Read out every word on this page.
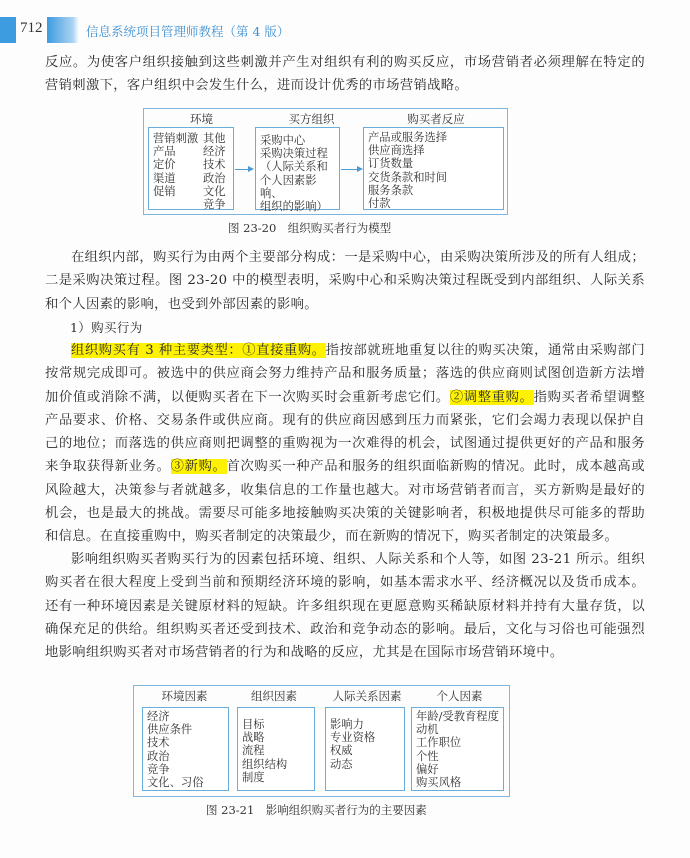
712	信息系统项目管理师教程（第 4 版）

反应。为使客户组织接触到这些刺激并产生对组织有利的购买反应，市场营销者必须理解在特定的营销刺激下，客户组织中会发生什么，进而设计优秀的市场营销战略。

环境	买方组织	购买者反应
营销刺激
产品
定价
渠道
促销
其他
经济
技术
政治
文化
竞争
采购中心
采购决策过程
（人际关系和
个人因素影响、
组织的影响）
产品或服务选择
供应商选择
订货数量
交货条款和时间
服务条款
付款
图 23-20　组织购买者行为模型

在组织内部，购买行为由两个主要部分构成：一是采购中心，由采购决策所涉及的所有人组成；二是采购决策过程。图 23-20 中的模型表明，采购中心和采购决策过程既受到内部组织、人际关系和个人因素的影响，也受到外部因素的影响。

1）购买行为

组织购买有 3 种主要类型：①直接重购。指按部就班地重复以往的购买决策，通常由采购部门按常规完成即可。被选中的供应商会努力维持产品和服务质量；落选的供应商则试图创造新方法增加价值或消除不满，以便购买者在下一次购买时会重新考虑它们。②调整重购。指购买者希望调整产品要求、价格、交易条件或供应商。现有的供应商因感到压力而紧张，它们会竭力表现以保护自己的地位；而落选的供应商则把调整的重购视为一次难得的机会，试图通过提供更好的产品和服务来争取获得新业务。③新购。首次购买一种产品和服务的组织面临新购的情况。此时，成本越高或风险越大，决策参与者就越多，收集信息的工作量也越大。对市场营销者而言，买方新购是最好的机会，也是最大的挑战。需要尽可能多地接触购买决策的关键影响者，积极地提供尽可能多的帮助和信息。在直接重购中，购买者制定的决策最少，而在新购的情况下，购买者制定的决策最多。

影响组织购买者购买行为的因素包括环境、组织、人际关系和个人等，如图 23-21 所示。组织购买者在很大程度上受到当前和预期经济环境的影响，如基本需求水平、经济概况以及货币成本。还有一种环境因素是关键原材料的短缺。许多组织现在更愿意购买稀缺原材料并持有大量存货，以确保充足的供给。组织购买者还受到技术、政治和竞争动态的影响。最后，文化与习俗也可能强烈地影响组织购买者对市场营销者的行为和战略的反应，尤其是在国际市场营销环境中。

环境因素	组织因素	人际关系因素	个人因素
经济
供应条件
技术
政治
竞争
文化、习俗
目标
战略
流程
组织结构
制度
影响力
专业资格
权威
动态
年龄/受教育程度
动机
工作职位
个性
偏好
购买风格
图 23-21　影响组织购买者行为的主要因素
